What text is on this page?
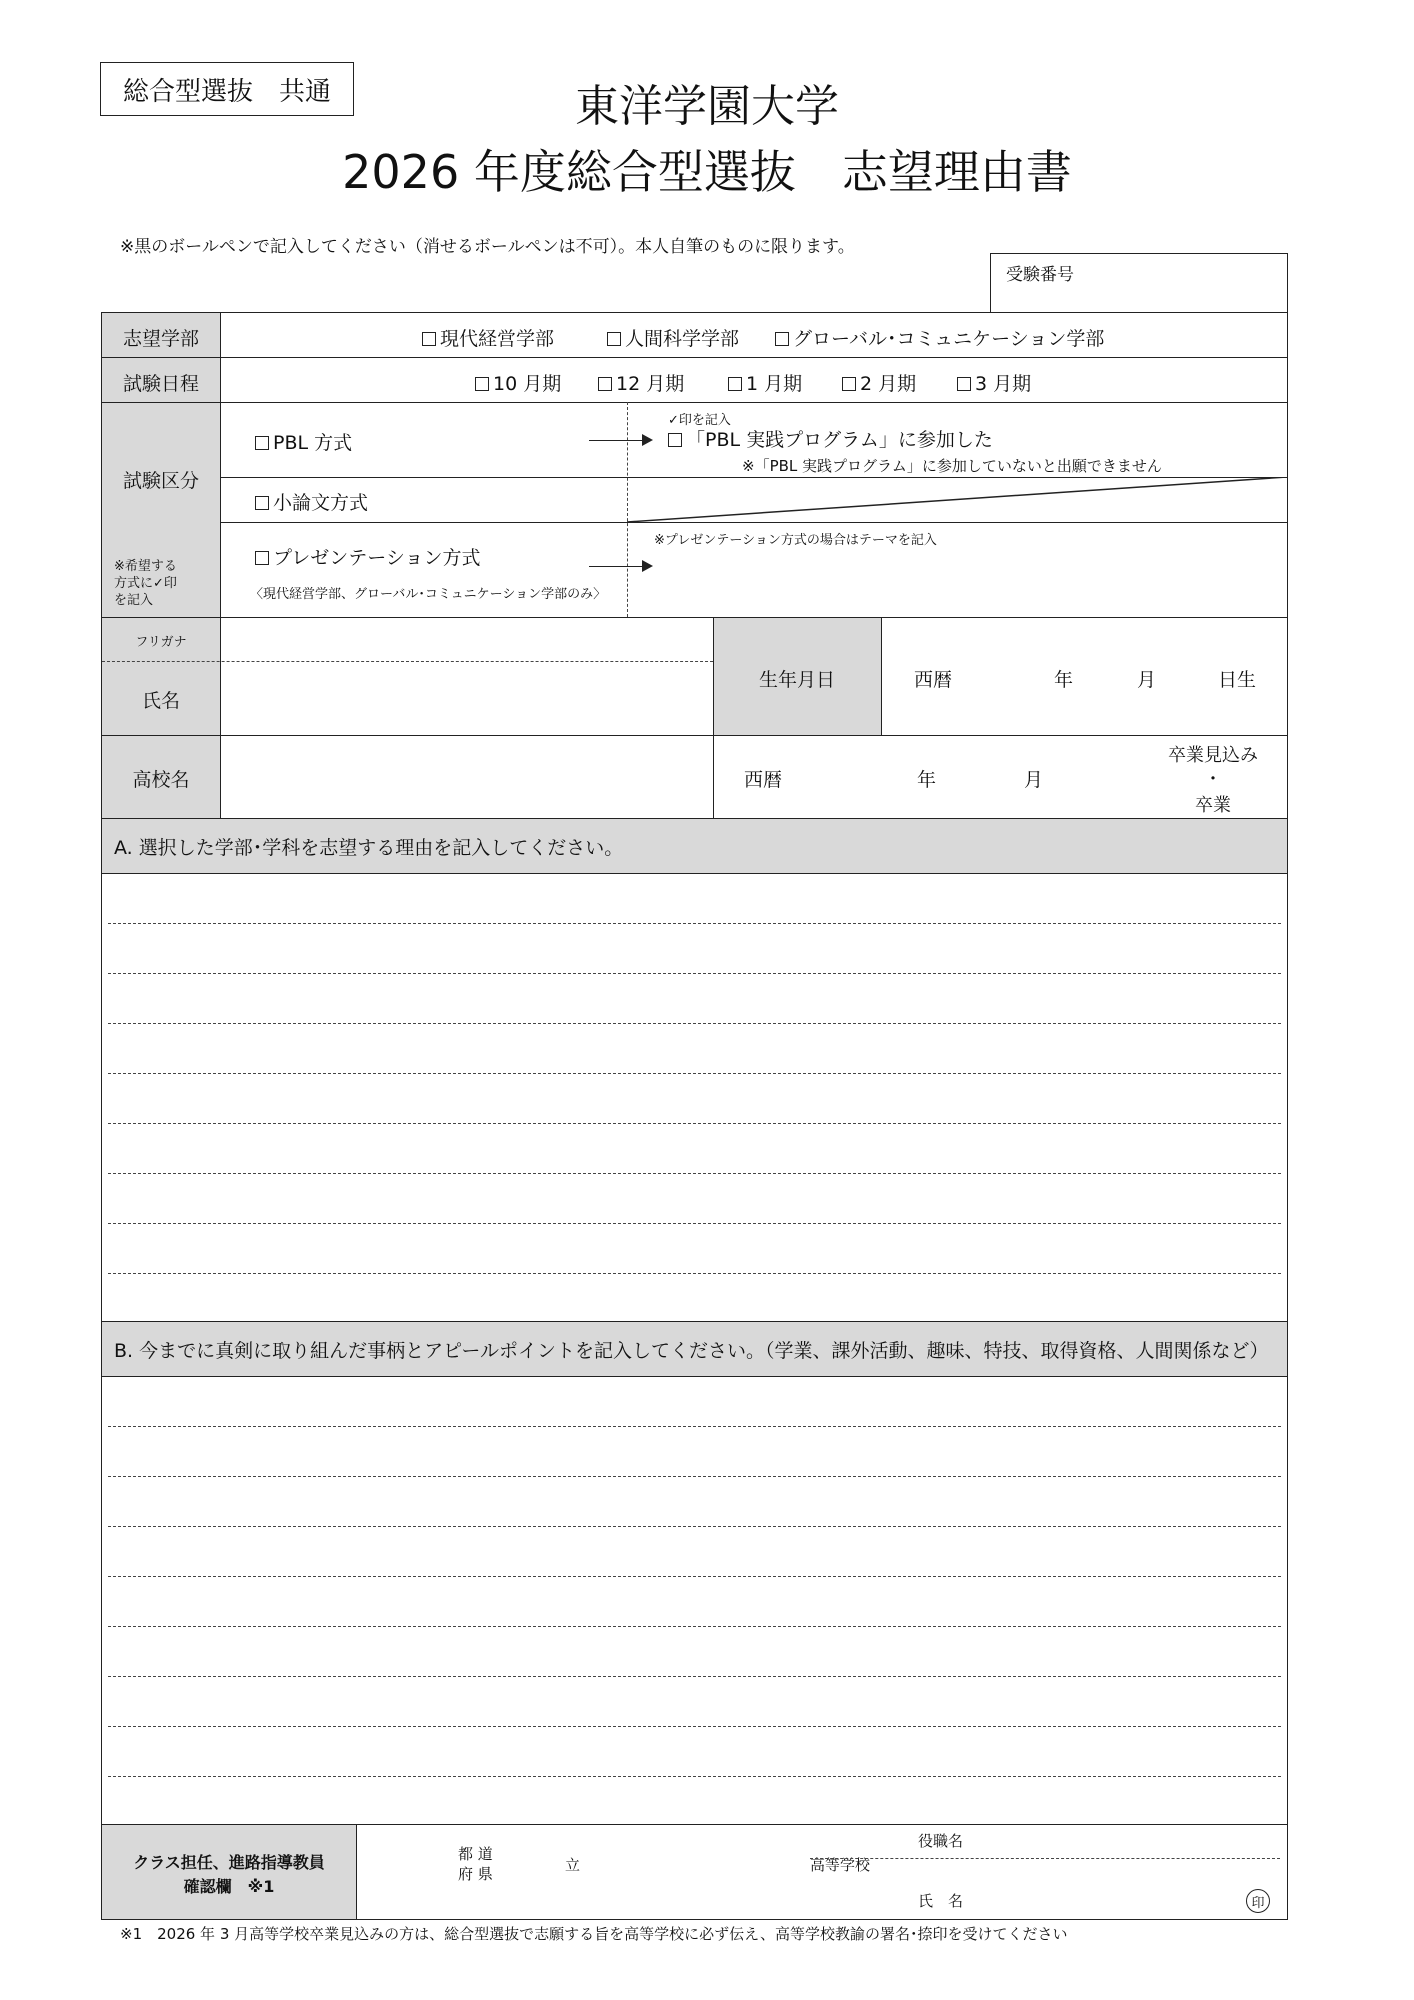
総合型選抜　共通	東洋学園大学
2026 年度総合型選抜　志望理由書
※黒のボールペンで記入してください（消せるボールペンは不可）。本人自筆のものに限ります。
受験番号
志望学部	現代経営学部	人間科学学部	グローバル･コミュニケーション学部
試験日程	10 月期	12 月期	1 月期	2 月期	3 月期
試験区分
※希望する
方式に✓印
を記入
PBL 方式
✓印を記入
「PBL 実践プログラム」に参加した
※「PBL 実践プログラム」に参加していないと出願できません
小論文方式
プレゼンテーション方式
〈現代経営学部、グローバル･コミュニケーション学部のみ〉
※プレゼンテーション方式の場合はテーマを記入
フリガナ
氏名
生年月日	西暦	年	月	日生
高校名	西暦	年	月
卒業見込み
・
卒業
A. 選択した学部･学科を志望する理由を記入してください。
B. 今までに真剣に取り組んだ事柄とアピールポイントを記入してください。（学業、課外活動、趣味、特技、取得資格、人間関係など）
クラス担任、進路指導教員
確認欄　※1
都 道
府 県	立	高等学校
役職名
氏　名	印
※1　2026 年 3 月高等学校卒業見込みの方は、総合型選抜で志願する旨を高等学校に必ず伝え、高等学校教諭の署名･捺印を受けてください
